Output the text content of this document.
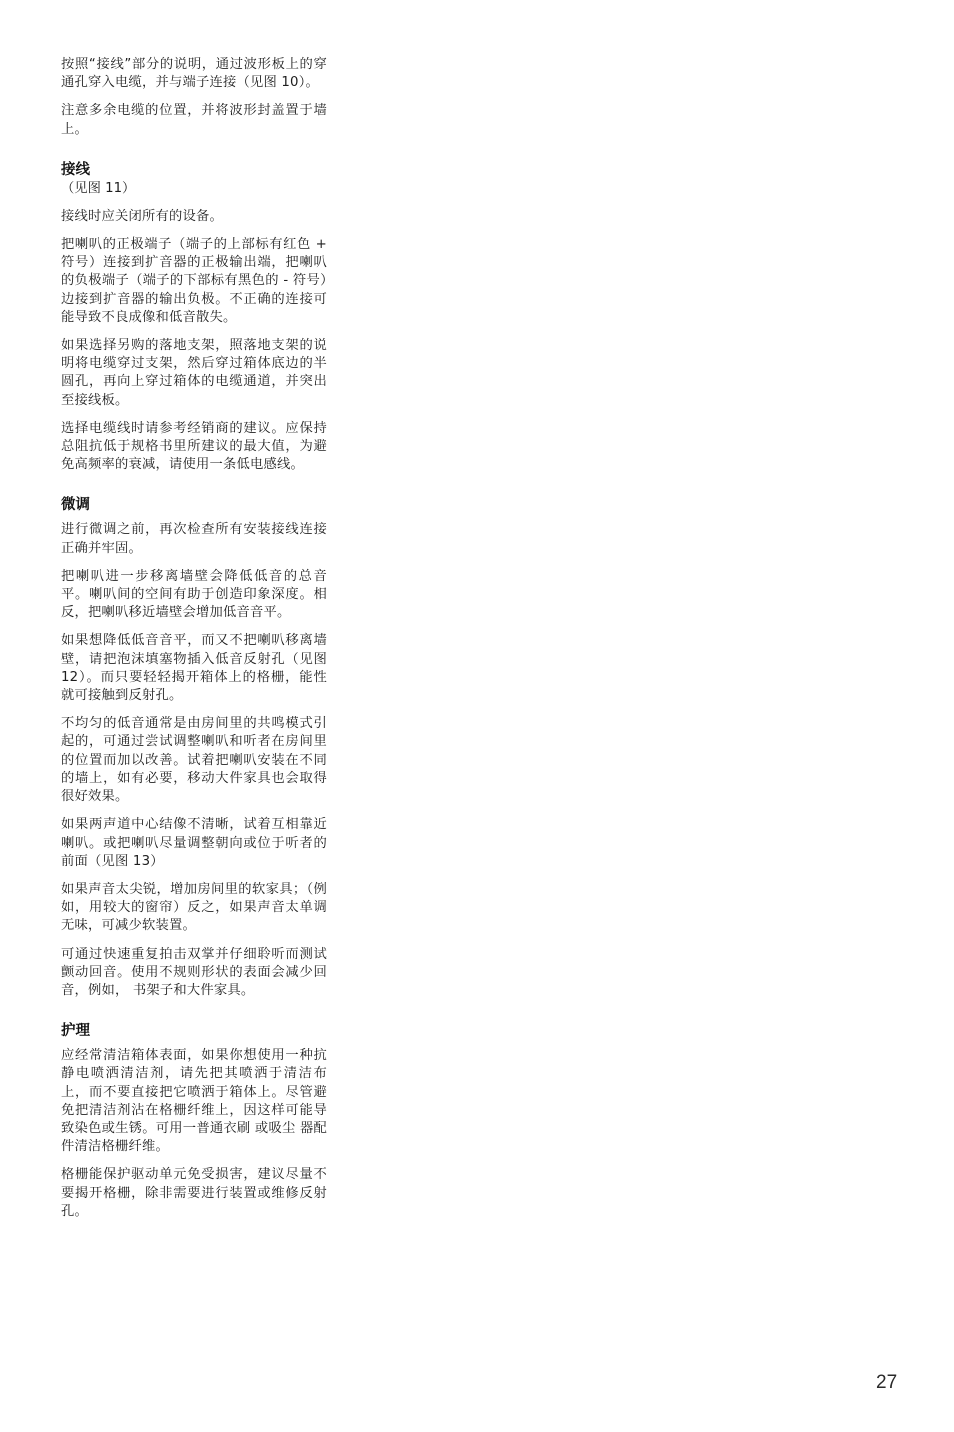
按照“接线”部分的说明，通过波形板上的穿通孔穿入电缆，并与端子连接（见图 10）。

注意多余电缆的位置，并将波形封盖置于墙上。

接线

（见图 11）

接线时应关闭所有的设备。

把喇叭的正极端子（端子的上部标有红色 + 符号）连接到扩音器的正极输出端，把喇叭的负极端子（端子的下部标有黑色的 - 符号）边接到扩音器的输出负极。不正确的连接可能导致不良成像和低音散失。

如果选择另购的落地支架，照落地支架的说明将电缆穿过支架，然后穿过箱体底边的半圆孔，再向上穿过箱体的电缆通道，并突出至接线板。

选择电缆线时请参考经销商的建议。应保持总阻抗低于规格书里所建议的最大值，为避免高频率的衰减，请使用一条低电感线。

微调

进行微调之前，再次检查所有安装接线连接正确并牢固。

把喇叭进一步移离墙壁会降低低音的总音平。喇叭间的空间有助于创造印象深度。相反，把喇叭移近墙壁会增加低音音平。

如果想降低低音音平，而又不把喇叭移离墙壁，请把泡沫填塞物插入低音反射孔（见图 12）。而只要轻轻揭开箱体上的格栅，能性就可接触到反射孔。

不均匀的低音通常是由房间里的共鸣模式引起的，可通过尝试调整喇叭和听者在房间里的位置而加以改善。试着把喇叭安装在不同的墙上，如有必要，移动大件家具也会取得很好效果。

如果两声道中心结像不清晰，试着互相靠近喇叭。或把喇叭尽量调整朝向或位于听者的前面（见图 13）

如果声音太尖锐，增加房间里的软家具；（例如，用较大的窗帘）反之，如果声音太单调无味，可减少软装置。

可通过快速重复拍击双掌并仔细聆听而测试颤动回音。使用不规则形状的表面会减少回音，例如， 书架子和大件家具。

护理

应经常清洁箱体表面，如果你想使用一种抗静电喷洒清洁剂，请先把其喷洒于清洁布上，而不要直接把它喷洒于箱体上。尽管避免把清洁剂沾在格栅纤维上，因这样可能导致染色或生锈。可用一普通衣刷 或吸尘 器配件清洁格栅纤维。

格栅能保护驱动单元免受损害，建议尽量不要揭开格栅，除非需要进行装置或维修反射孔。

27
